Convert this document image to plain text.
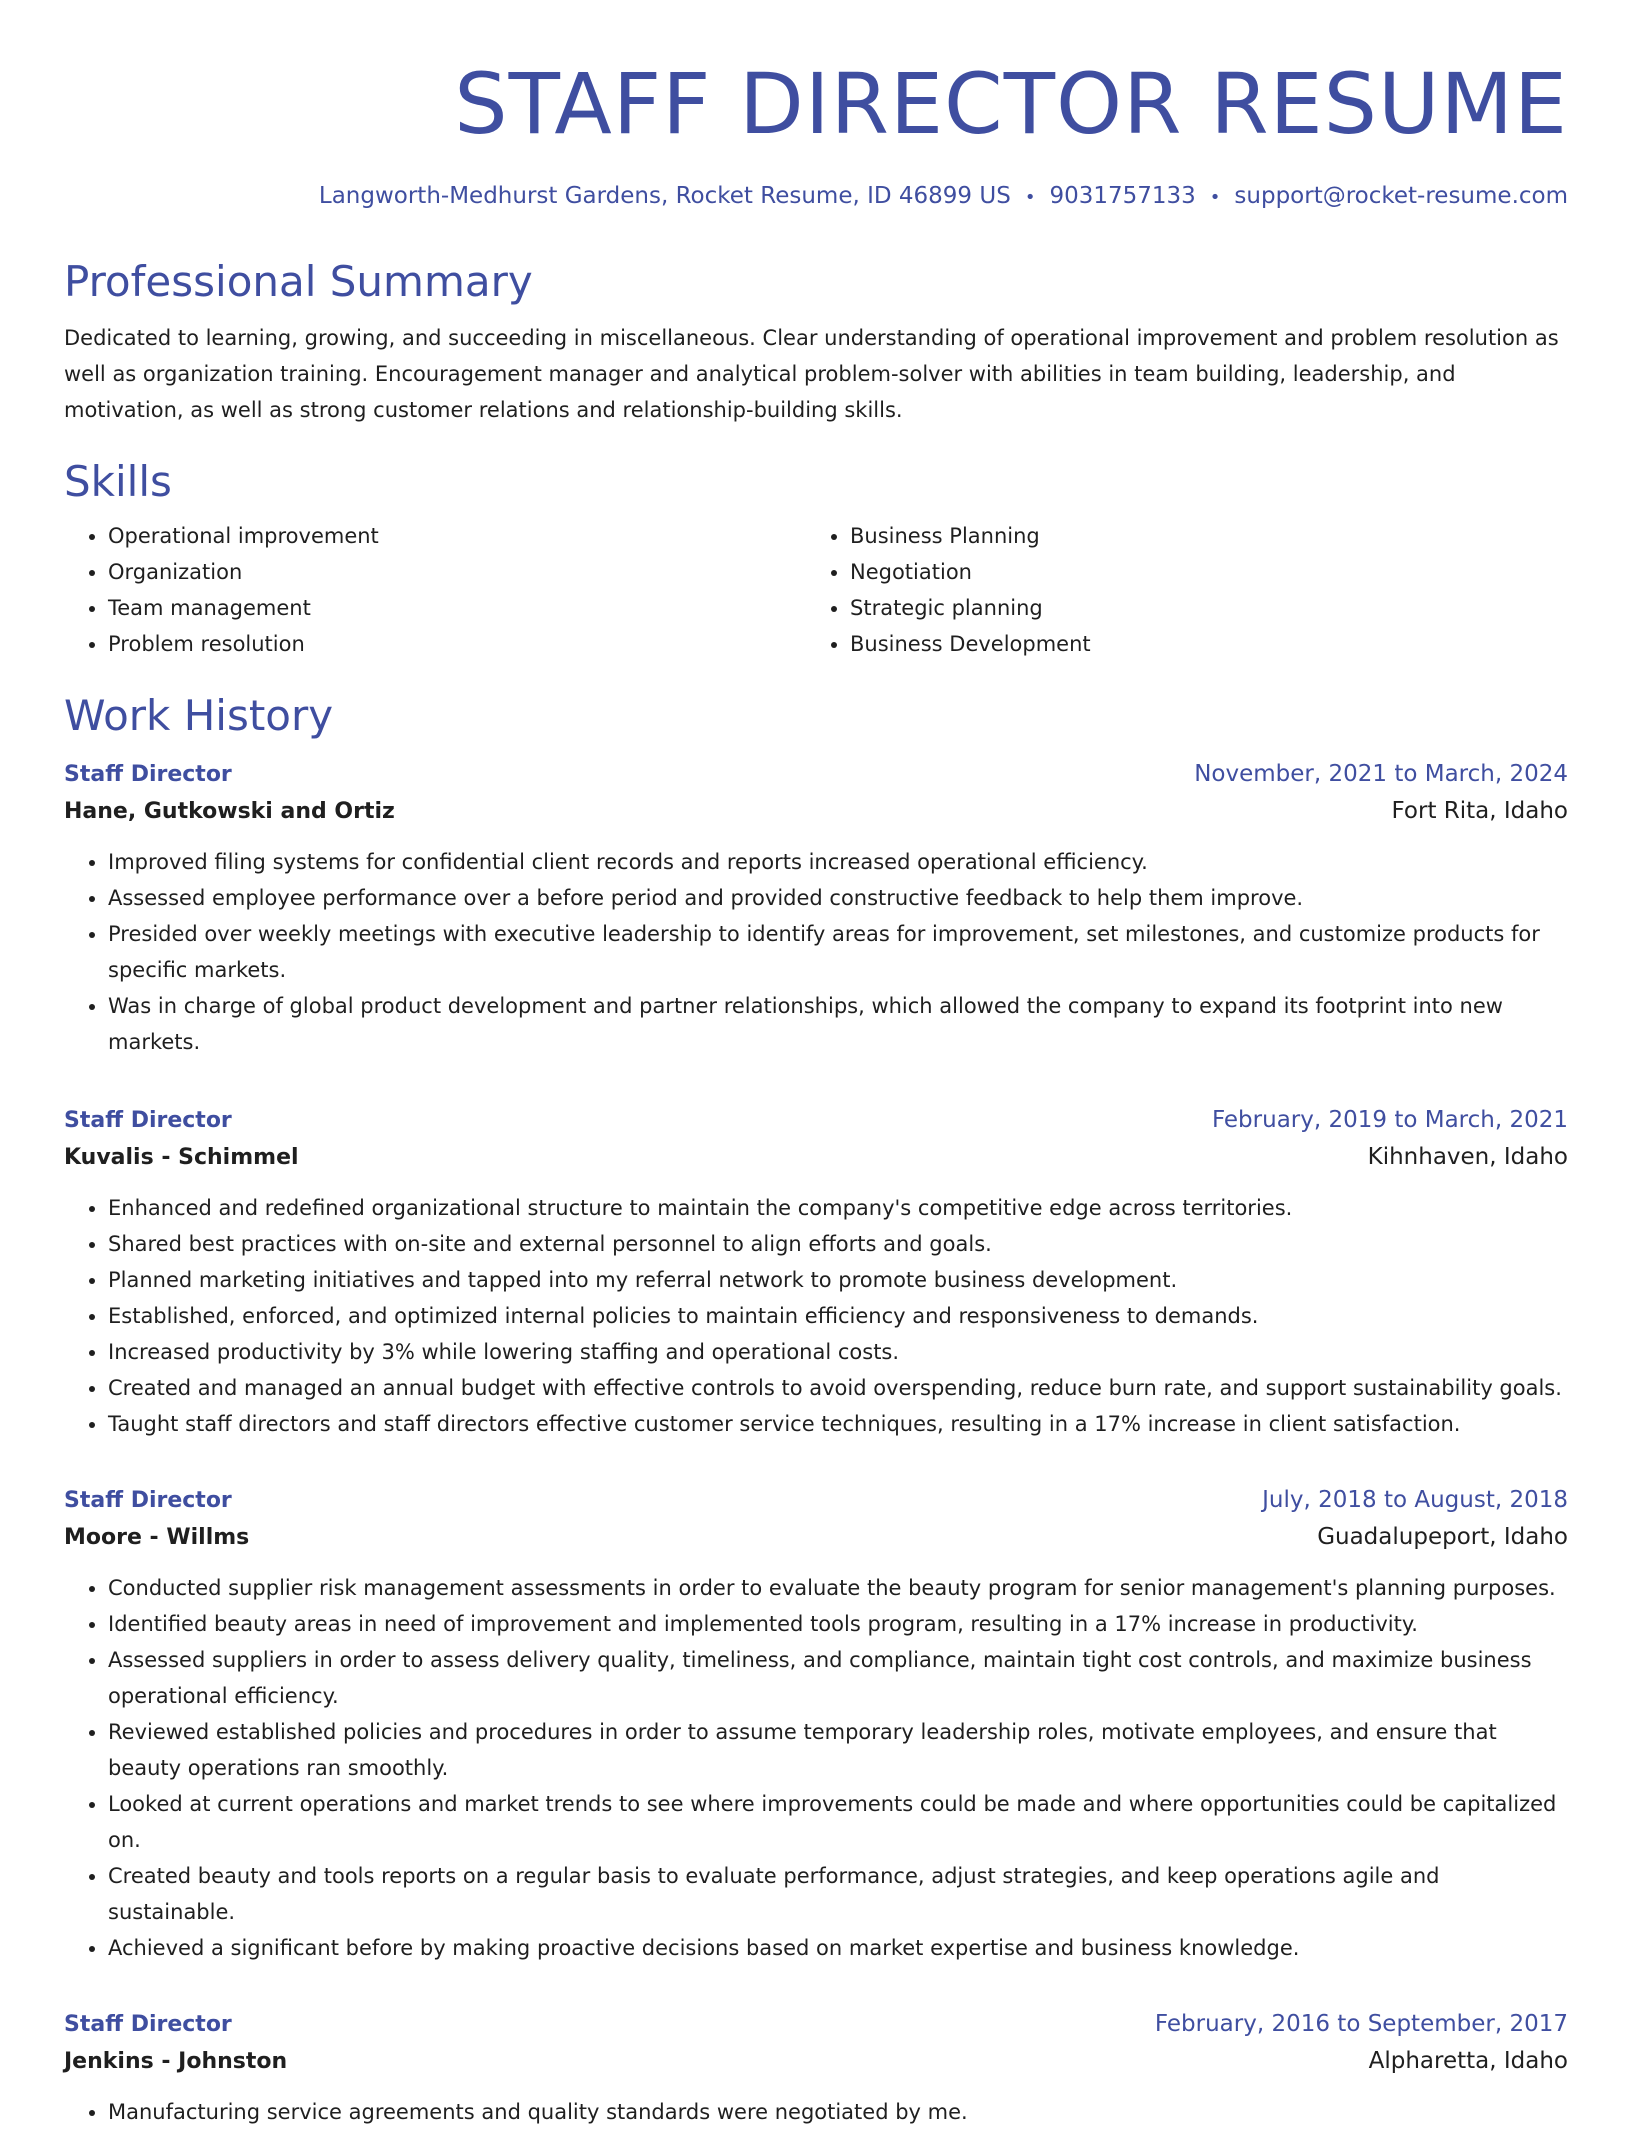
STAFF DIRECTOR RESUME
Langworth-Medhurst Gardens, Rocket Resume, ID 46899 US • 9031757133 • support@rocket-resume.com
Professional Summary

Dedicated to learning, growing, and succeeding in miscellaneous. Clear understanding of operational improvement and problem resolution as well as organization training. Encouragement manager and analytical problem-solver with abilities in team building, leadership, and motivation, as well as strong customer relations and relationship-building skills.

Skills
• Operational improvement
• Organization
• Team management
• Problem resolution
• Business Planning
• Negotiation
• Strategic planning
• Business Development
Work History
Staff Director	November, 2021 to March, 2024
Hane, Gutkowski and Ortiz	Fort Rita, Idaho
• Improved filing systems for confidential client records and reports increased operational efficiency.
• Assessed employee performance over a before period and provided constructive feedback to help them improve.
• Presided over weekly meetings with executive leadership to identify areas for improvement, set milestones, and customize products for specific markets.
• Was in charge of global product development and partner relationships, which allowed the company to expand its footprint into new markets.
Staff Director	February, 2019 to March, 2021
Kuvalis - Schimmel	Kihnhaven, Idaho
• Enhanced and redefined organizational structure to maintain the company's competitive edge across territories.
• Shared best practices with on-site and external personnel to align efforts and goals.
• Planned marketing initiatives and tapped into my referral network to promote business development.
• Established, enforced, and optimized internal policies to maintain efficiency and responsiveness to demands.
• Increased productivity by 3% while lowering staffing and operational costs.
• Created and managed an annual budget with effective controls to avoid overspending, reduce burn rate, and support sustainability goals.
• Taught staff directors and staff directors effective customer service techniques, resulting in a 17% increase in client satisfaction.
Staff Director	July, 2018 to August, 2018
Moore - Willms	Guadalupeport, Idaho
• Conducted supplier risk management assessments in order to evaluate the beauty program for senior management's planning purposes.
• Identified beauty areas in need of improvement and implemented tools program, resulting in a 17% increase in productivity.
• Assessed suppliers in order to assess delivery quality, timeliness, and compliance, maintain tight cost controls, and maximize business operational efficiency.
• Reviewed established policies and procedures in order to assume temporary leadership roles, motivate employees, and ensure that beauty operations ran smoothly.
• Looked at current operations and market trends to see where improvements could be made and where opportunities could be capitalized on.
• Created beauty and tools reports on a regular basis to evaluate performance, adjust strategies, and keep operations agile and sustainable.
• Achieved a significant before by making proactive decisions based on market expertise and business knowledge.
Staff Director	February, 2016 to September, 2017
Jenkins - Johnston	Alpharetta, Idaho
• Manufacturing service agreements and quality standards were negotiated by me.
